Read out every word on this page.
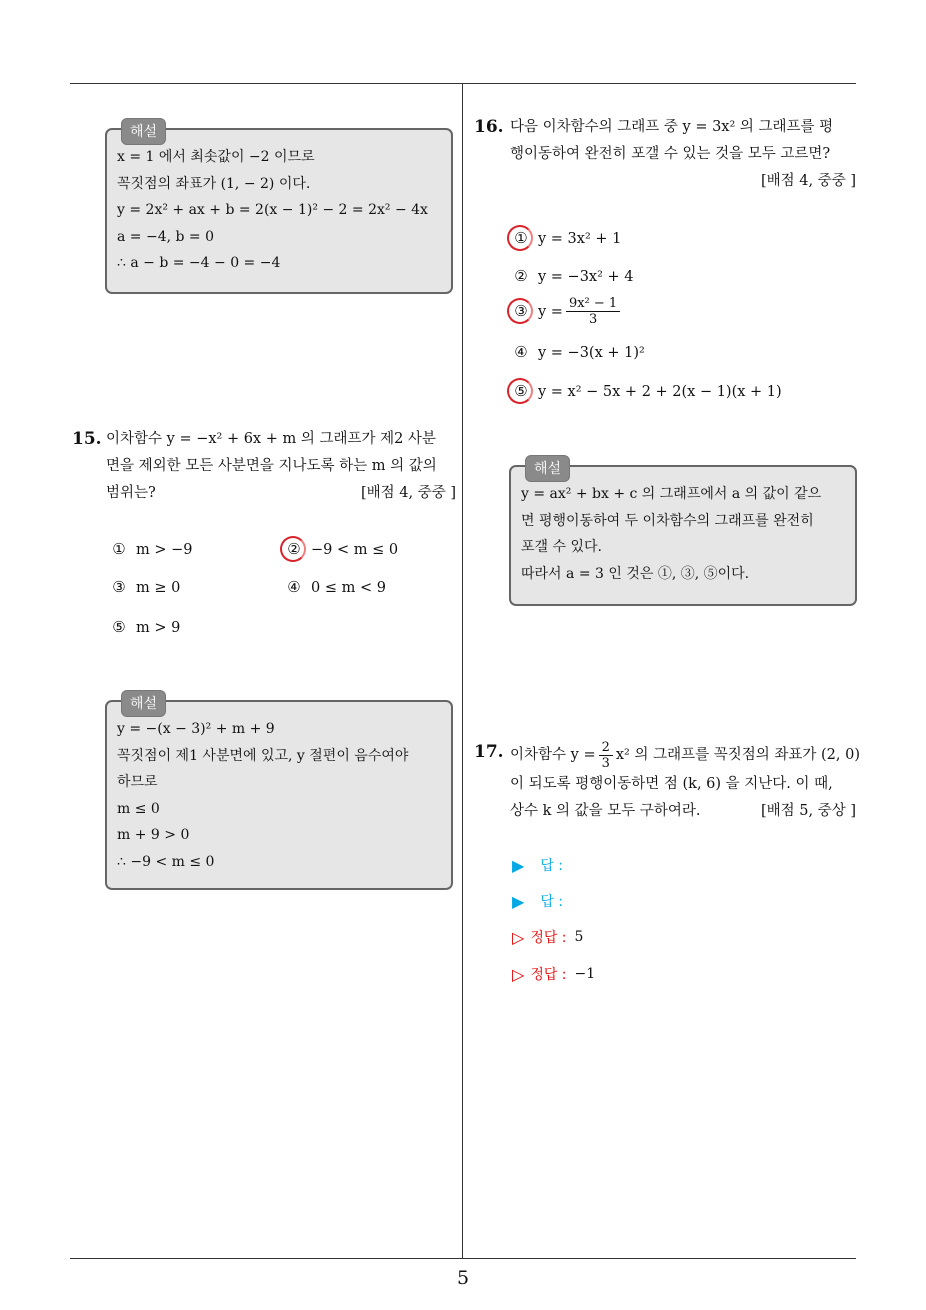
5
해설
x = 1 에서 최솟값이 −2 이므로
꼭짓점의 좌표가 (1, − 2) 이다.
y = 2x² + ax + b = 2(x − 1)² − 2 = 2x² − 4x
a = −4, b = 0
∴ a − b = −4 − 0 = −4
15. 이차함수 y = −x² + 6x + m 의 그래프가 제2 사분
면을 제외한 모든 사분면을 지나도록 하는 m 의 값의
범위는?	[배점 4, 중중 ]
① m > −9	② −9 < m ≤ 0
③ m ≥ 0	④ 0 ≤ m < 9
⑤ m > 9
해설
y = −(x − 3)² + m + 9
꼭짓점이 제1 사분면에 있고, y 절편이 음수여야
하므로
m ≤ 0
m + 9 > 0
∴ −9 < m ≤ 0
16. 다음 이차함수의 그래프 중 y = 3x² 의 그래프를 평
행이동하여 완전히 포갤 수 있는 것을 모두 고르면?
[배점 4, 중중 ]
① y = 3x² + 1
② y = −3x² + 4
③ $y = \frac{\text{9x² − 1}}{3}$
④ y = −3(x + 1)²
⑤ y = x² − 5x + 2 + 2(x − 1)(x + 1)
해설
y = ax² + bx + c 의 그래프에서 a 의 값이 같으
면 평행이동하여 두 이차함수의 그래프를 완전히
포갤 수 있다.
따라서 a = 3 인 것은 ①, ③, ⑤이다.
17. 이차함수 $y = \frac{2}{3} x^2$ 의 그래프를 꼭짓점의 좌표가 (2, 0)
이 되도록 평행이동하면 점 (k, 6) 을 지난다. 이 때,
상수 k 의 값을 모두 구하여라.	[배점 5, 중상 ]
▶ 답 :
▶ 답 :
▷ 정답 : 5
▷ 정답 : −1
